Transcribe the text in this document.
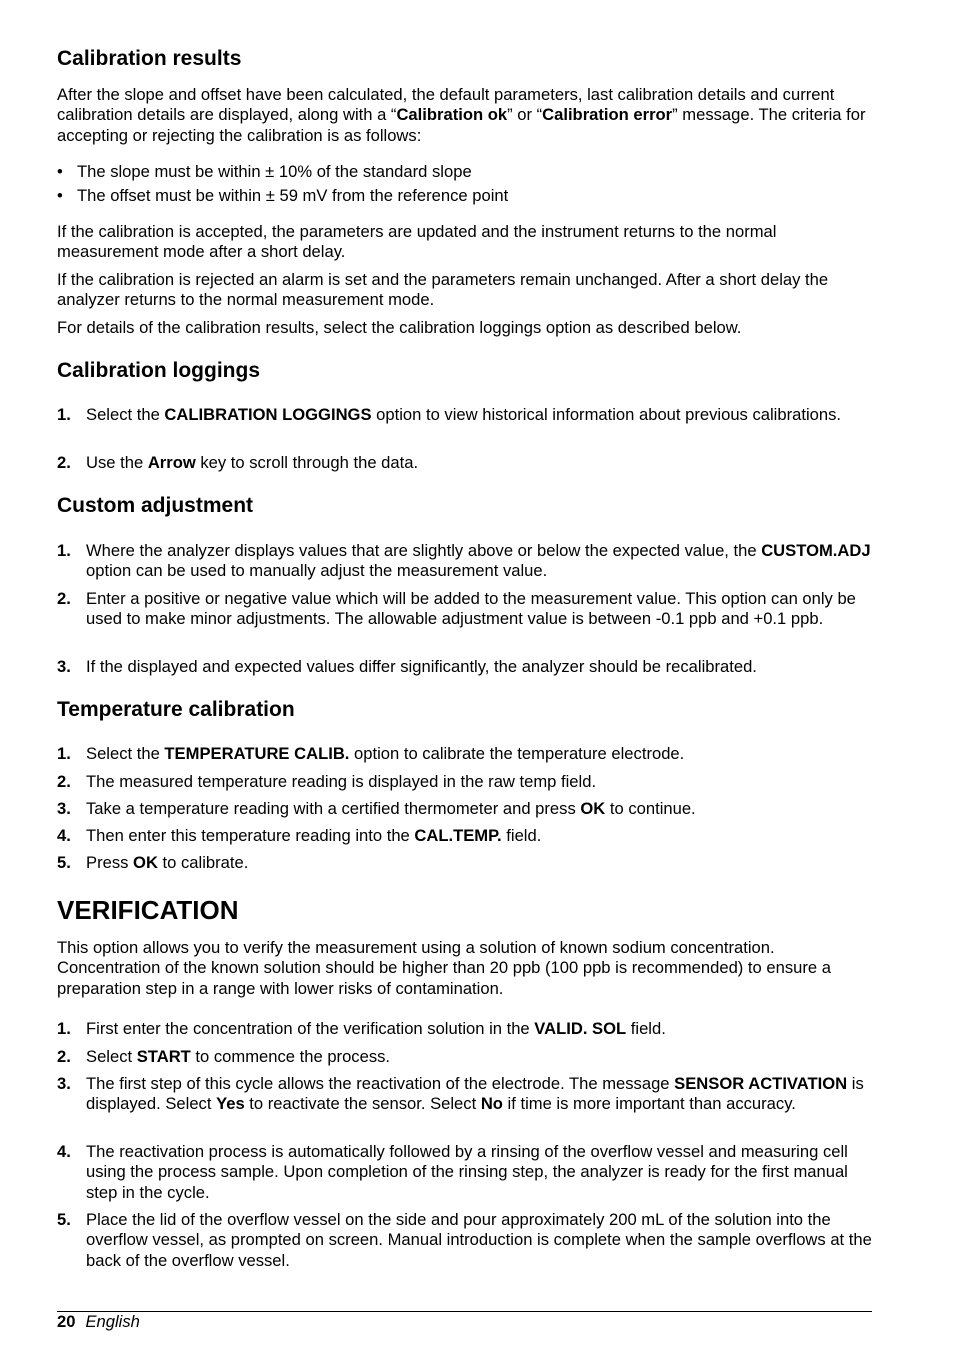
Calibration results

After the slope and offset have been calculated, the default parameters, last calibration details and current calibration details are displayed, along with a “Calibration ok” or “Calibration error” message. The criteria for accepting or rejecting the calibration is as follows:

• The slope must be within ± 10% of the standard slope
• The offset must be within ± 59 mV from the reference point

If the calibration is accepted, the parameters are updated and the instrument returns to the normal measurement mode after a short delay.

If the calibration is rejected an alarm is set and the parameters remain unchanged. After a short delay the analyzer returns to the normal measurement mode.

For details of the calibration results, select the calibration loggings option as described below.

Calibration loggings
1. Select the CALIBRATION LOGGINGS option to view historical information about previous calibrations.
2. Use the Arrow key to scroll through the data.
Custom adjustment
1. Where the analyzer displays values that are slightly above or below the expected value, the CUSTOM.ADJ option can be used to manually adjust the measurement value.
2. Enter a positive or negative value which will be added to the measurement value. This option can only be used to make minor adjustments. The allowable adjustment value is between -0.1 ppb and +0.1 ppb.
3. If the displayed and expected values differ significantly, the analyzer should be recalibrated.
Temperature calibration
1. Select the TEMPERATURE CALIB. option to calibrate the temperature electrode.
2. The measured temperature reading is displayed in the raw temp field.
3. Take a temperature reading with a certified thermometer and press OK to continue.
4. Then enter this temperature reading into the CAL.TEMP. field.
5. Press OK to calibrate.
VERIFICATION

This option allows you to verify the measurement using a solution of known sodium concentration. Concentration of the known solution should be higher than 20 ppb (100 ppb is recommended) to ensure a preparation step in a range with lower risks of contamination.

1. First enter the concentration of the verification solution in the VALID. SOL field.
2. Select START to commence the process.
3. The first step of this cycle allows the reactivation of the electrode. The message SENSOR ACTIVATION is displayed. Select Yes to reactivate the sensor. Select No if time is more important than accuracy.
4. The reactivation process is automatically followed by a rinsing of the overflow vessel and measuring cell using the process sample. Upon completion of the rinsing step, the analyzer is ready for the first manual step in the cycle.
5. Place the lid of the overflow vessel on the side and pour approximately 200 mL of the solution into the overflow vessel, as prompted on screen. Manual introduction is complete when the sample overflows at the back of the overflow vessel.
20 English
